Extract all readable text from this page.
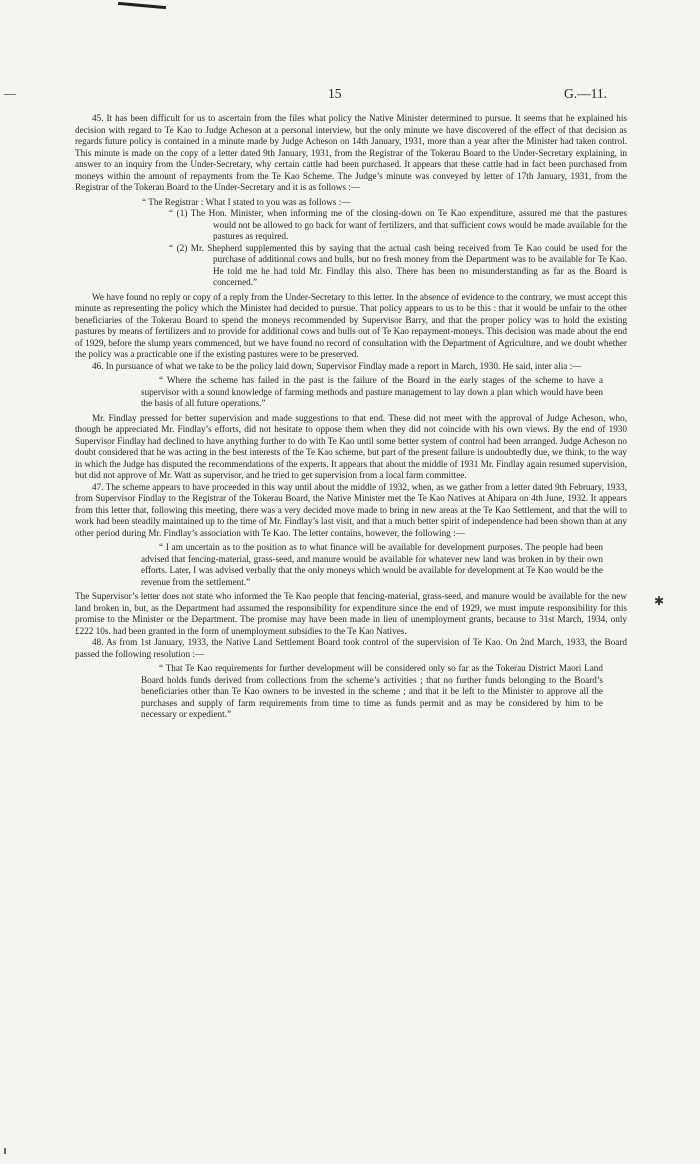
✱
15	G.—11.

45. It has been difficult for us to ascertain from the files what policy the Native Minister determined to pursue. It seems that he explained his decision with regard to Te Kao to Judge Acheson at a personal interview, but the only minute we have discovered of the effect of that decision as regards future policy is contained in a minute made by Judge Acheson on 14th January, 1931, more than a year after the Minister had taken control. This minute is made on the copy of a letter dated 9th January, 1931, from the Registrar of the Tokerau Board to the Under-Secretary explaining, in answer to an inquiry from the Under-Secretary, why certain cattle had been purchased. It appears that these cattle had in fact been purchased from moneys within the amount of repayments from the Te Kao Scheme. The Judge’s minute was conveyed by letter of 17th January, 1931, from the Registrar of the Tokerau Board to the Under-Secretary and it is as follows :—

“ The Registrar : What I stated to you was as follows :—

“ (1) The Hon. Minister, when informing me of the closing-down on Te Kao expenditure, assured me that the pastures would not be allowed to go back for want of fertilizers, and that sufficient cows would be made available for the pastures as required.

“ (2) Mr. Shepherd supplemented this by saying that the actual cash being received from Te Kao could be used for the purchase of additional cows and bulls, but no fresh money from the Department was to be available for Te Kao. He told me he had told Mr. Findlay this also. There has been no misunderstanding as far as the Board is concerned.”

We have found no reply or copy of a reply from the Under-Secretary to this letter. In the absence of evidence to the contrary, we must accept this minute as representing the policy which the Minister had decided to pursue. That policy appears to us to be this : that it would be unfair to the other beneficiaries of the Tokerau Board to spend the moneys recommended by Supervisor Barry, and that the proper policy was to hold the existing pastures by means of fertilizers and to provide for additional cows and bulls out of Te Kao repayment-moneys. This decision was made about the end of 1929, before the slump years commenced, but we have found no record of consultation with the Department of Agriculture, and we doubt whether the policy was a practicable one if the existing pastures were to be preserved.

46. In pursuance of what we take to be the policy laid down, Supervisor Findlay made a report in March, 1930. He said, inter alia :—

“ Where the scheme has failed in the past is the failure of the Board in the early stages of the scheme to have a supervisor with a sound knowledge of farming methods and pasture management to lay down a plan which would have been the basis of all future operations.”

Mr. Findlay pressed for better supervision and made suggestions to that end. These did not meet with the approval of Judge Acheson, who, though he appreciated Mr. Findlay’s efforts, did not hesitate to oppose them when they did not coincide with his own views. By the end of 1930 Supervisor Findlay had declined to have anything further to do with Te Kao until some better system of control had been arranged. Judge Acheson no doubt considered that he was acting in the best interests of the Te Kao scheme, but part of the present failure is undoubtedly due, we think, to the way in which the Judge has disputed the recommendations of the experts. It appears that about the middle of 1931 Mr. Findlay again resumed supervision, but did not approve of Mr. Watt as supervisor, and he tried to get supervision from a local farm committee.

47. The scheme appears to have proceeded in this way until about the middle of 1932, when, as we gather from a letter dated 9th February, 1933, from Supervisor Findlay to the Registrar of the Tokerau Board, the Native Minister met the Te Kao Natives at Ahipara on 4th June, 1932. It appears from this letter that, following this meeting, there was a very decided move made to bring in new areas at the Te Kao Settlement, and that the will to work had been steadily maintained up to the time of Mr. Findlay’s last visit, and that a much better spirit of independence had been shown than at any other period during Mr. Findlay’s association with Te Kao. The letter contains, however, the following :—

“ I am uncertain as to the position as to what finance will be available for development purposes. The people had been advised that fencing-material, grass-seed, and manure would be available for whatever new land was broken in by their own efforts. Later, I was advised verbally that the only moneys which would be available for development at Te Kao would be the revenue from the settlement.”

The Supervisor’s letter does not state who informed the Te Kao people that fencing-material, grass-seed, and manure would be available for the new land broken in, but, as the Department had assumed the responsibility for expenditure since the end of 1929, we must impute responsibility for this promise to the Minister or the Department. The promise may have been made in lieu of unemployment grants, because to 31st March, 1934, only £222 10s. had been granted in the form of unemployment subsidies to the Te Kao Natives.

48. As from 1st January, 1933, the Native Land Settlement Board took control of the supervision of Te Kao. On 2nd March, 1933, the Board passed the following resolution :—

“ That Te Kao requirements for further development will be considered only so far as the Tokerau District Maori Land Board holds funds derived from collections from the scheme’s activities ; that no further funds belonging to the Board’s beneficiaries other than Te Kao owners to be invested in the scheme ; and that it be left to the Minister to approve all the purchases and supply of farm requirements from time to time as funds permit and as may be considered by him to be necessary or expedient.”
